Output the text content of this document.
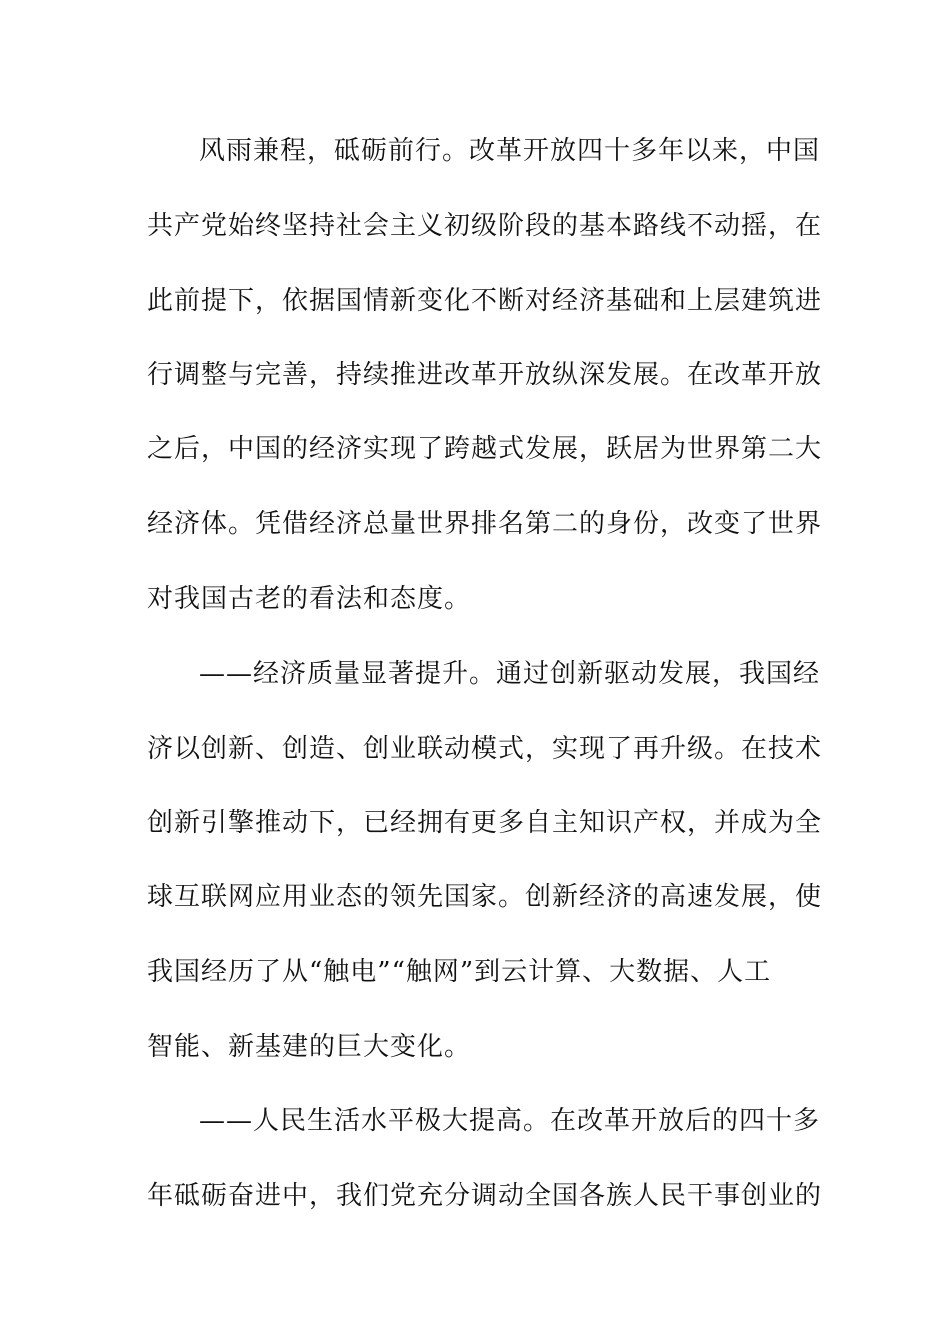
风雨兼程，砥砺前行。改革开放四十多年以来，中国
共产党始终坚持社会主义初级阶段的基本路线不动摇，在
此前提下，依据国情新变化不断对经济基础和上层建筑进
行调整与完善，持续推进改革开放纵深发展。在改革开放
之后，中国的经济实现了跨越式发展，跃居为世界第二大
经济体。凭借经济总量世界排名第二的身份，改变了世界
对我国古老的看法和态度。
——经济质量显著提升。通过创新驱动发展，我国经
济以创新、创造、创业联动模式，实现了再升级。在技术
创新引擎推动下，已经拥有更多自主知识产权，并成为全
球互联网应用业态的领先国家。创新经济的高速发展，使
我国经历了从“触电”“触网”到云计算、大数据、人工
智能、新基建的巨大变化。
——人民生活水平极大提高。在改革开放后的四十多
年砥砺奋进中，我们党充分调动全国各族人民干事创业的
